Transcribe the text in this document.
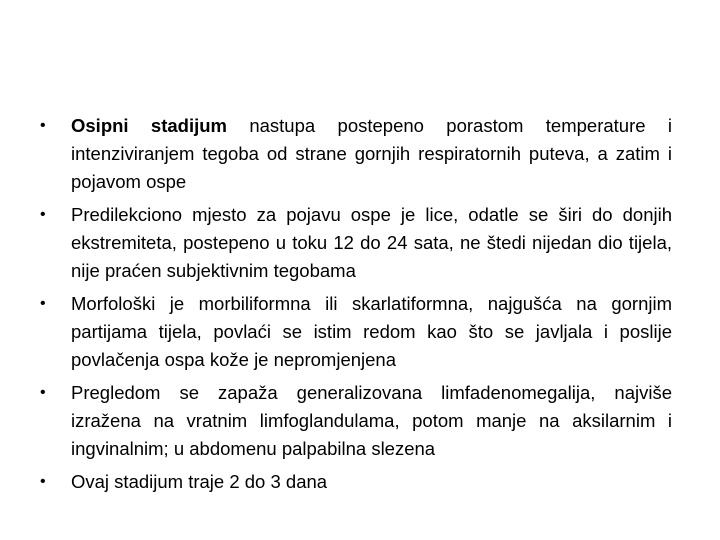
•	Osipni stadijum nastupa postepeno porastom temperature i intenziviranjem tegoba od strane gornjih respiratornih puteva, a zatim i pojavom ospe
•	Predilekciono mjesto za pojavu ospe je lice, odatle se širi do donjih ekstremiteta, postepeno u toku 12 do 24 sata, ne štedi nijedan dio tijela, nije praćen subjektivnim tegobama
•	Morfološki je morbiliformna ili skarlatiformna, najgušća na gornjim partijama tijela, povlaći se istim redom kao što se javljala i poslije povlačenja ospa kože je nepromjenjena
•	Pregledom se zapaža generalizovana limfadenomegalija, najviše izražena na vratnim limfoglandulama, potom manje na aksilarnim i ingvinalnim; u abdomenu palpabilna slezena
•	Ovaj stadijum traje 2 do 3 dana
